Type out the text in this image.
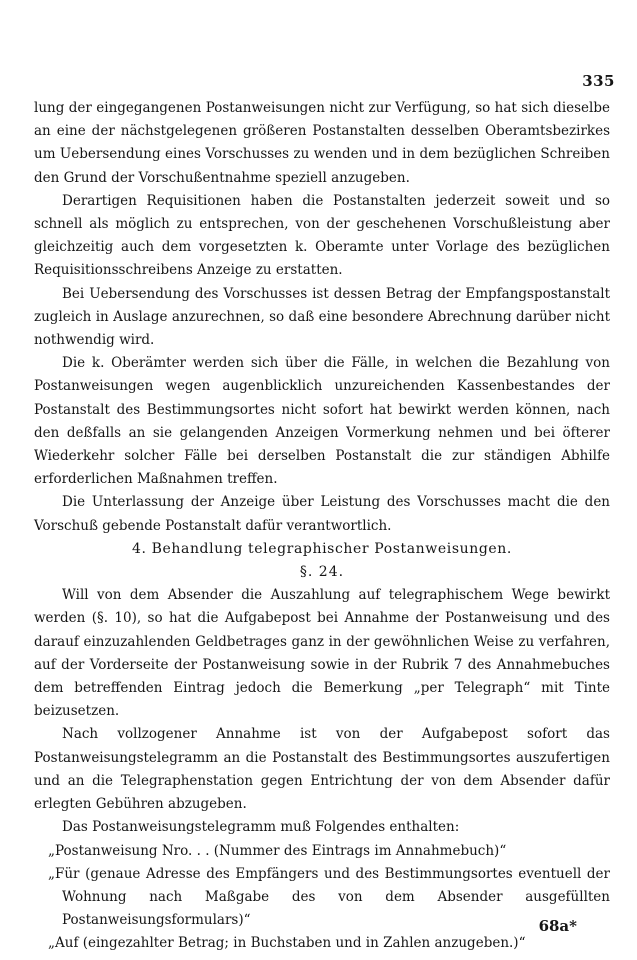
335

lung der eingegangenen Postanweisungen nicht zur Verfügung, so hat sich dieselbe an eine der nächstgelegenen größeren Postanstalten desselben Oberamtsbezirkes um Uebersendung eines Vorschusses zu wenden und in dem bezüglichen Schreiben den Grund der Vorschußentnahme speziell anzugeben.

Derartigen Requisitionen haben die Postanstalten jederzeit soweit und so schnell als möglich zu entsprechen, von der geschehenen Vorschußleistung aber gleichzeitig auch dem vorgesetzten k. Oberamte unter Vorlage des bezüglichen Requisitionsschreibens Anzeige zu erstatten.

Bei Uebersendung des Vorschusses ist dessen Betrag der Empfangspostanstalt zugleich in Auslage anzurechnen, so daß eine besondere Abrechnung darüber nicht nothwendig wird.

Die k. Oberämter werden sich über die Fälle, in welchen die Bezahlung von Postanweisungen wegen augenblicklich unzureichenden Kassenbestandes der Postanstalt des Bestimmungsortes nicht sofort hat bewirkt werden können, nach den deßfalls an sie gelangenden Anzeigen Vormerkung nehmen und bei öfterer Wiederkehr solcher Fälle bei derselben Postanstalt die zur ständigen Abhilfe erforderlichen Maßnahmen treffen.

Die Unterlassung der Anzeige über Leistung des Vorschusses macht die den Vorschuß gebende Postanstalt dafür verantwortlich.

4. Behandlung telegraphischer Postanweisungen.

§. 24.

Will von dem Absender die Auszahlung auf telegraphischem Wege bewirkt werden (§. 10), so hat die Aufgabepost bei Annahme der Postanweisung und des darauf einzuzahlenden Geldbetrages ganz in der gewöhnlichen Weise zu verfahren, auf der Vorderseite der Postanweisung sowie in der Rubrik 7 des Annahmebuches dem betreffenden Eintrag jedoch die Bemerkung „per Telegraph“ mit Tinte beizusetzen.

Nach vollzogener Annahme ist von der Aufgabepost sofort das Postanweisungstelegramm an die Postanstalt des Bestimmungsortes auszufertigen und an die Telegraphenstation gegen Entrichtung der von dem Absender dafür erlegten Gebühren abzugeben.

Das Postanweisungstelegramm muß Folgendes enthalten:

„Postanweisung Nro. . . (Nummer des Eintrags im Annahmebuch)“

„Für (genaue Adresse des Empfängers und des Bestimmungsortes eventuell der Wohnung nach Maßgabe des von dem Absender ausgefüllten Postanweisungsformulars)“

„Auf (eingezahlter Betrag; in Buchstaben und in Zahlen anzugeben.)“

68a*
